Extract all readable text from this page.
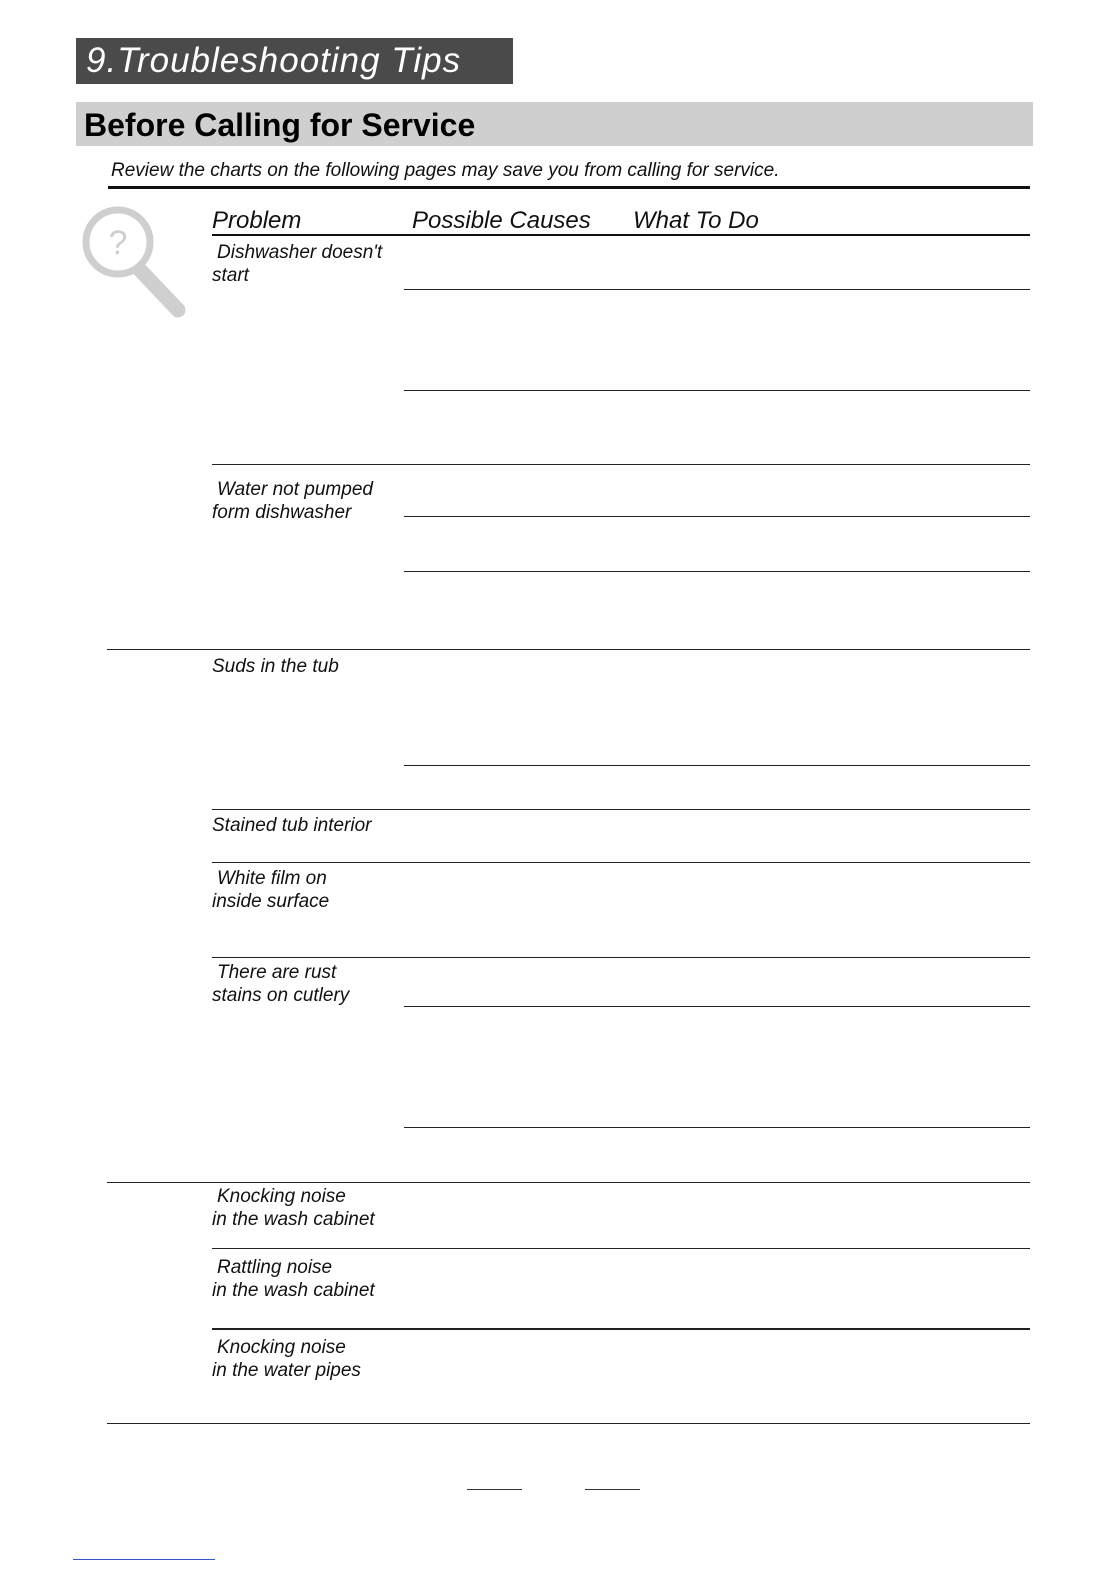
9.Troubleshooting Tips
Before Calling for Service
Review the charts on the following pages may save you from calling for service.
?
Problem	Possible Causes What To Do
Dishwasher doesn't
start
Water not pumped
form dishwasher
Suds in the tub
Stained tub interior
White film on
inside surface
There are rust
stains on cutlery
Knocking noise
in the wash cabinet
Rattling noise
in the wash cabinet
Knocking noise
in the water pipes
